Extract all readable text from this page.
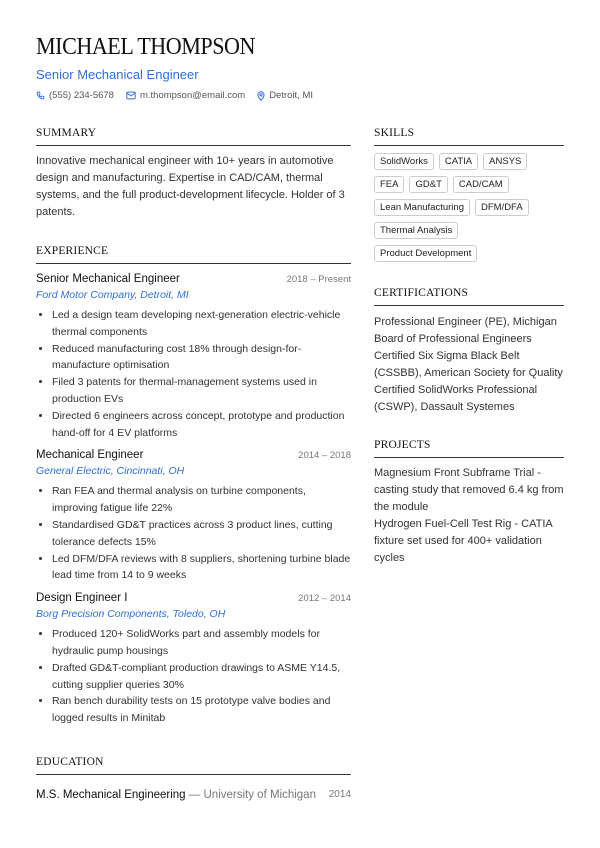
MICHAEL THOMPSON
Senior Mechanical Engineer
(555) 234-5678	m.thompson@email.com	Detroit, MI
SUMMARY
Innovative mechanical engineer with 10+ years in automotive design and manufacturing. Expertise in CAD/CAM, thermal systems, and the full product-development lifecycle. Holder of 3 patents.
EXPERIENCE
Senior Mechanical Engineer	2018 – Present
Ford Motor Company, Detroit, MI
• Led a design team developing next-generation electric-vehicle thermal components
• Reduced manufacturing cost 18% through design-for-manufacture optimisation
• Filed 3 patents for thermal-management systems used in production EVs
• Directed 6 engineers across concept, prototype and production hand-off for 4 EV platforms
Mechanical Engineer	2014 – 2018
General Electric, Cincinnati, OH
• Ran FEA and thermal analysis on turbine components, improving fatigue life 22%
• Standardised GD&T practices across 3 product lines, cutting tolerance defects 15%
• Led DFM/DFA reviews with 8 suppliers, shortening turbine blade lead time from 14 to 9 weeks
Design Engineer I	2012 – 2014
Borg Precision Components, Toledo, OH
• Produced 120+ SolidWorks part and assembly models for hydraulic pump housings
• Drafted GD&T-compliant production drawings to ASME Y14.5, cutting supplier queries 30%
• Ran bench durability tests on 15 prototype valve bodies and logged results in Minitab
EDUCATION
M.S. Mechanical Engineering — University of Michigan 2014
SKILLS
SolidWorks	CATIA	ANSYS
FEA	GD&T	CAD/CAM
Lean Manufacturing	DFM/DFA
Thermal Analysis
Product Development
CERTIFICATIONS
Professional Engineer (PE), Michigan Board of Professional Engineers
Certified Six Sigma Black Belt (CSSBB), American Society for Quality
Certified SolidWorks Professional (CSWP), Dassault Systemes
PROJECTS
Magnesium Front Subframe Trial - casting study that removed 6.4 kg from the module
Hydrogen Fuel-Cell Test Rig - CATIA fixture set used for 400+ validation cycles
